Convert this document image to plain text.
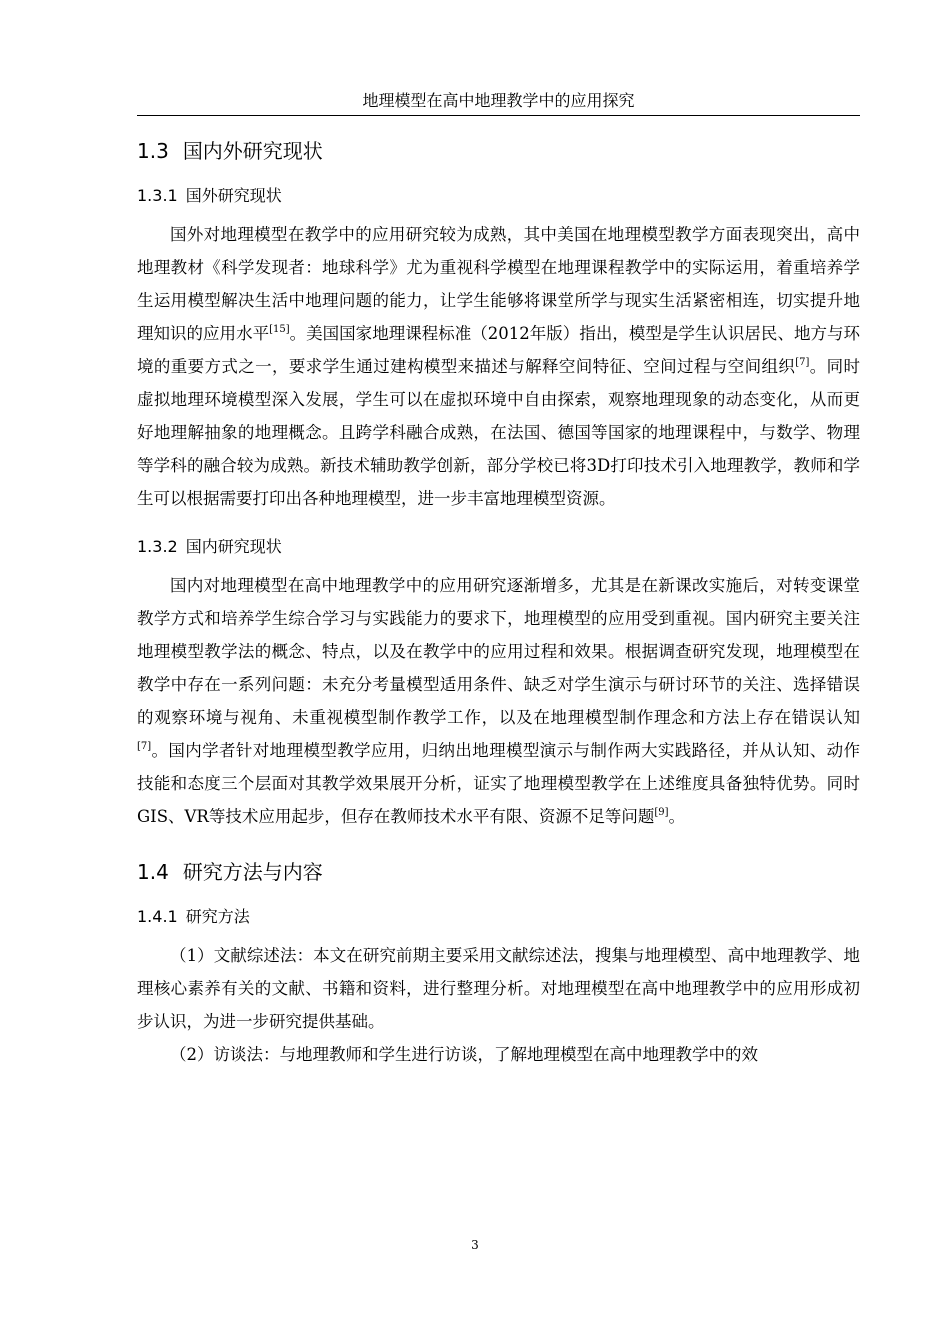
地理模型在高中地理教学中的应用探究
1.3 国内外研究现状
1.3.1 国外研究现状

国外对地理模型在教学中的应用研究较为成熟，其中美国在地理模型教学方面表现突出，高中地理教材《科学发现者：地球科学》尤为重视科学模型在地理课程教学中的实际运用，着重培养学生运用模型解决生活中地理问题的能力，让学生能够将课堂所学与现实生活紧密相连，切实提升地理知识的应用水平[15]。美国国家地理课程标准（2012年版）指出，模型是学生认识居民、地方与环境的重要方式之一，要求学生通过建构模型来描述与解释空间特征、空间过程与空间组织[7]。同时虚拟地理环境模型深入发展，学生可以在虚拟环境中自由探索，观察地理现象的动态变化，从而更好地理解抽象的地理概念。且跨学科融合成熟，在法国、德国等国家的地理课程中，与数学、物理等学科的融合较为成熟。新技术辅助教学创新，部分学校已将3D打印技术引入地理教学，教师和学生可以根据需要打印出各种地理模型，进一步丰富地理模型资源。

1.3.2 国内研究现状

国内对地理模型在高中地理教学中的应用研究逐渐增多，尤其是在新课改实施后，对转变课堂教学方式和培养学生综合学习与实践能力的要求下，地理模型的应用受到重视。国内研究主要关注地理模型教学法的概念、特点，以及在教学中的应用过程和效果。根据调查研究发现，地理模型在教学中存在一系列问题：未充分考量模型适用条件、缺乏对学生演示与研讨环节的关注、选择错误的观察环境与视角、未重视模型制作教学工作，以及在地理模型制作理念和方法上存在错误认知[7]。国内学者针对地理模型教学应用，归纳出地理模型演示与制作两大实践路径，并从认知、动作技能和态度三个层面对其教学效果展开分析，证实了地理模型教学在上述维度具备独特优势。同时GIS、VR等技术应用起步，但存在教师技术水平有限、资源不足等问题[9]。

1.4 研究方法与内容
1.4.1 研究方法

（1）文献综述法：本文在研究前期主要采用文献综述法，搜集与地理模型、高中地理教学、地理核心素养有关的文献、书籍和资料，进行整理分析。对地理模型在高中地理教学中的应用形成初步认识，为进一步研究提供基础。

（2）访谈法：与地理教师和学生进行访谈，了解地理模型在高中地理教学中的效

3
